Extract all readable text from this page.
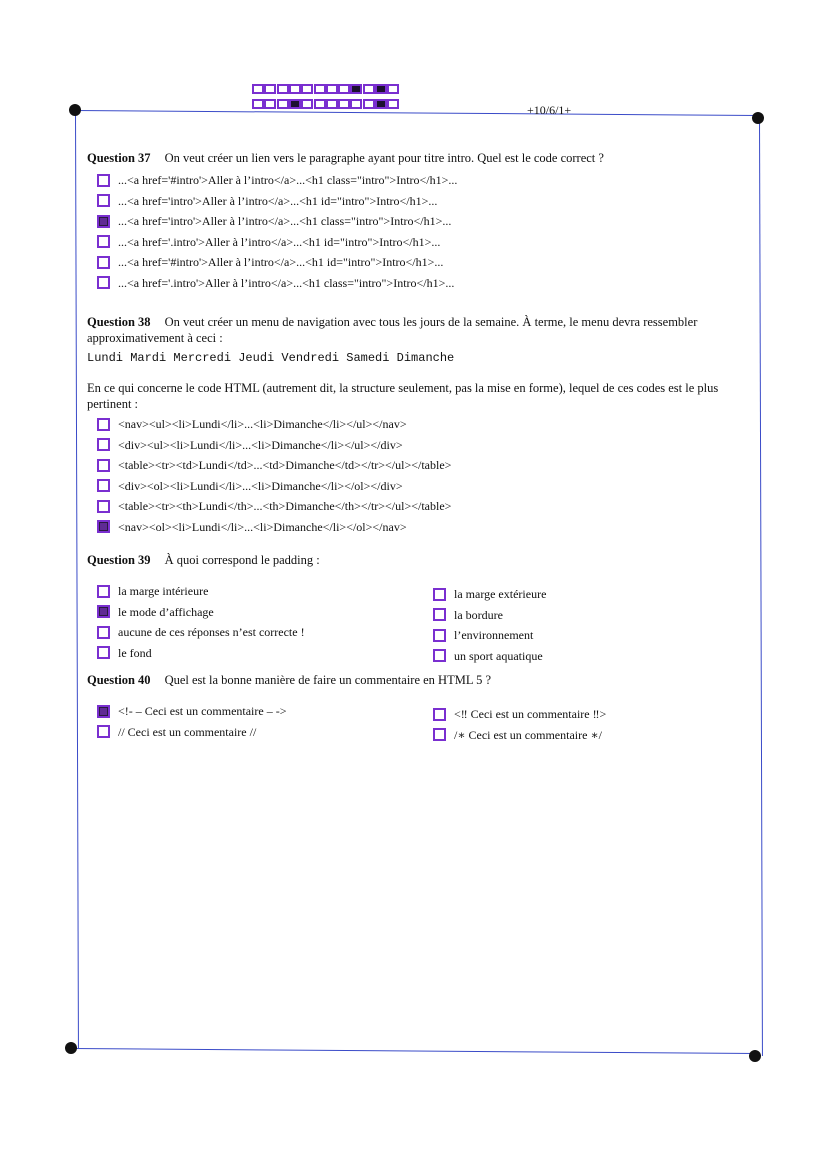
+10/6/1+
Question 37 On veut créer un lien vers le paragraphe ayant pour titre intro. Quel est le code correct ?
...<a href='#intro'>Aller à l’intro</a>...<h1 class="intro">Intro</h1>...
...<a href='intro'>Aller à l’intro</a>...<h1 id="intro">Intro</h1>...
...<a href='intro'>Aller à l’intro</a>...<h1 class="intro">Intro</h1>...
...<a href='.intro'>Aller à l’intro</a>...<h1 id="intro">Intro</h1>...
...<a href='#intro'>Aller à l’intro</a>...<h1 id="intro">Intro</h1>...
...<a href='.intro'>Aller à l’intro</a>...<h1 class="intro">Intro</h1>...
Question 38 On veut créer un menu de navigation avec tous les jours de la semaine. À terme, le menu devra ressembler
approximativement à ceci :
Lundi Mardi Mercredi Jeudi Vendredi Samedi Dimanche
En ce qui concerne le code HTML (autrement dit, la structure seulement, pas la mise en forme), lequel de ces codes est le plus
pertinent :
<nav><ul><li>Lundi</li>...<li>Dimanche</li></ul></nav>
<div><ul><li>Lundi</li>...<li>Dimanche</li></ul></div>
<table><tr><td>Lundi</td>...<td>Dimanche</td></tr></ul></table>
<div><ol><li>Lundi</li>...<li>Dimanche</li></ol></div>
<table><tr><th>Lundi</th>...<th>Dimanche</th></tr></ul></table>
<nav><ol><li>Lundi</li>...<li>Dimanche</li></ol></nav>
Question 39 À quoi correspond le padding :
la marge intérieure
le mode d’affichage
aucune de ces réponses n’est correcte !
le fond
la marge extérieure
la bordure
l’environnement
un sport aquatique
Question 40 Quel est la bonne manière de faire un commentaire en HTML 5 ?
<!- – Ceci est un commentaire – ->
// Ceci est un commentaire //
<‼ Ceci est un commentaire ‼>
/∗ Ceci est un commentaire ∗/
